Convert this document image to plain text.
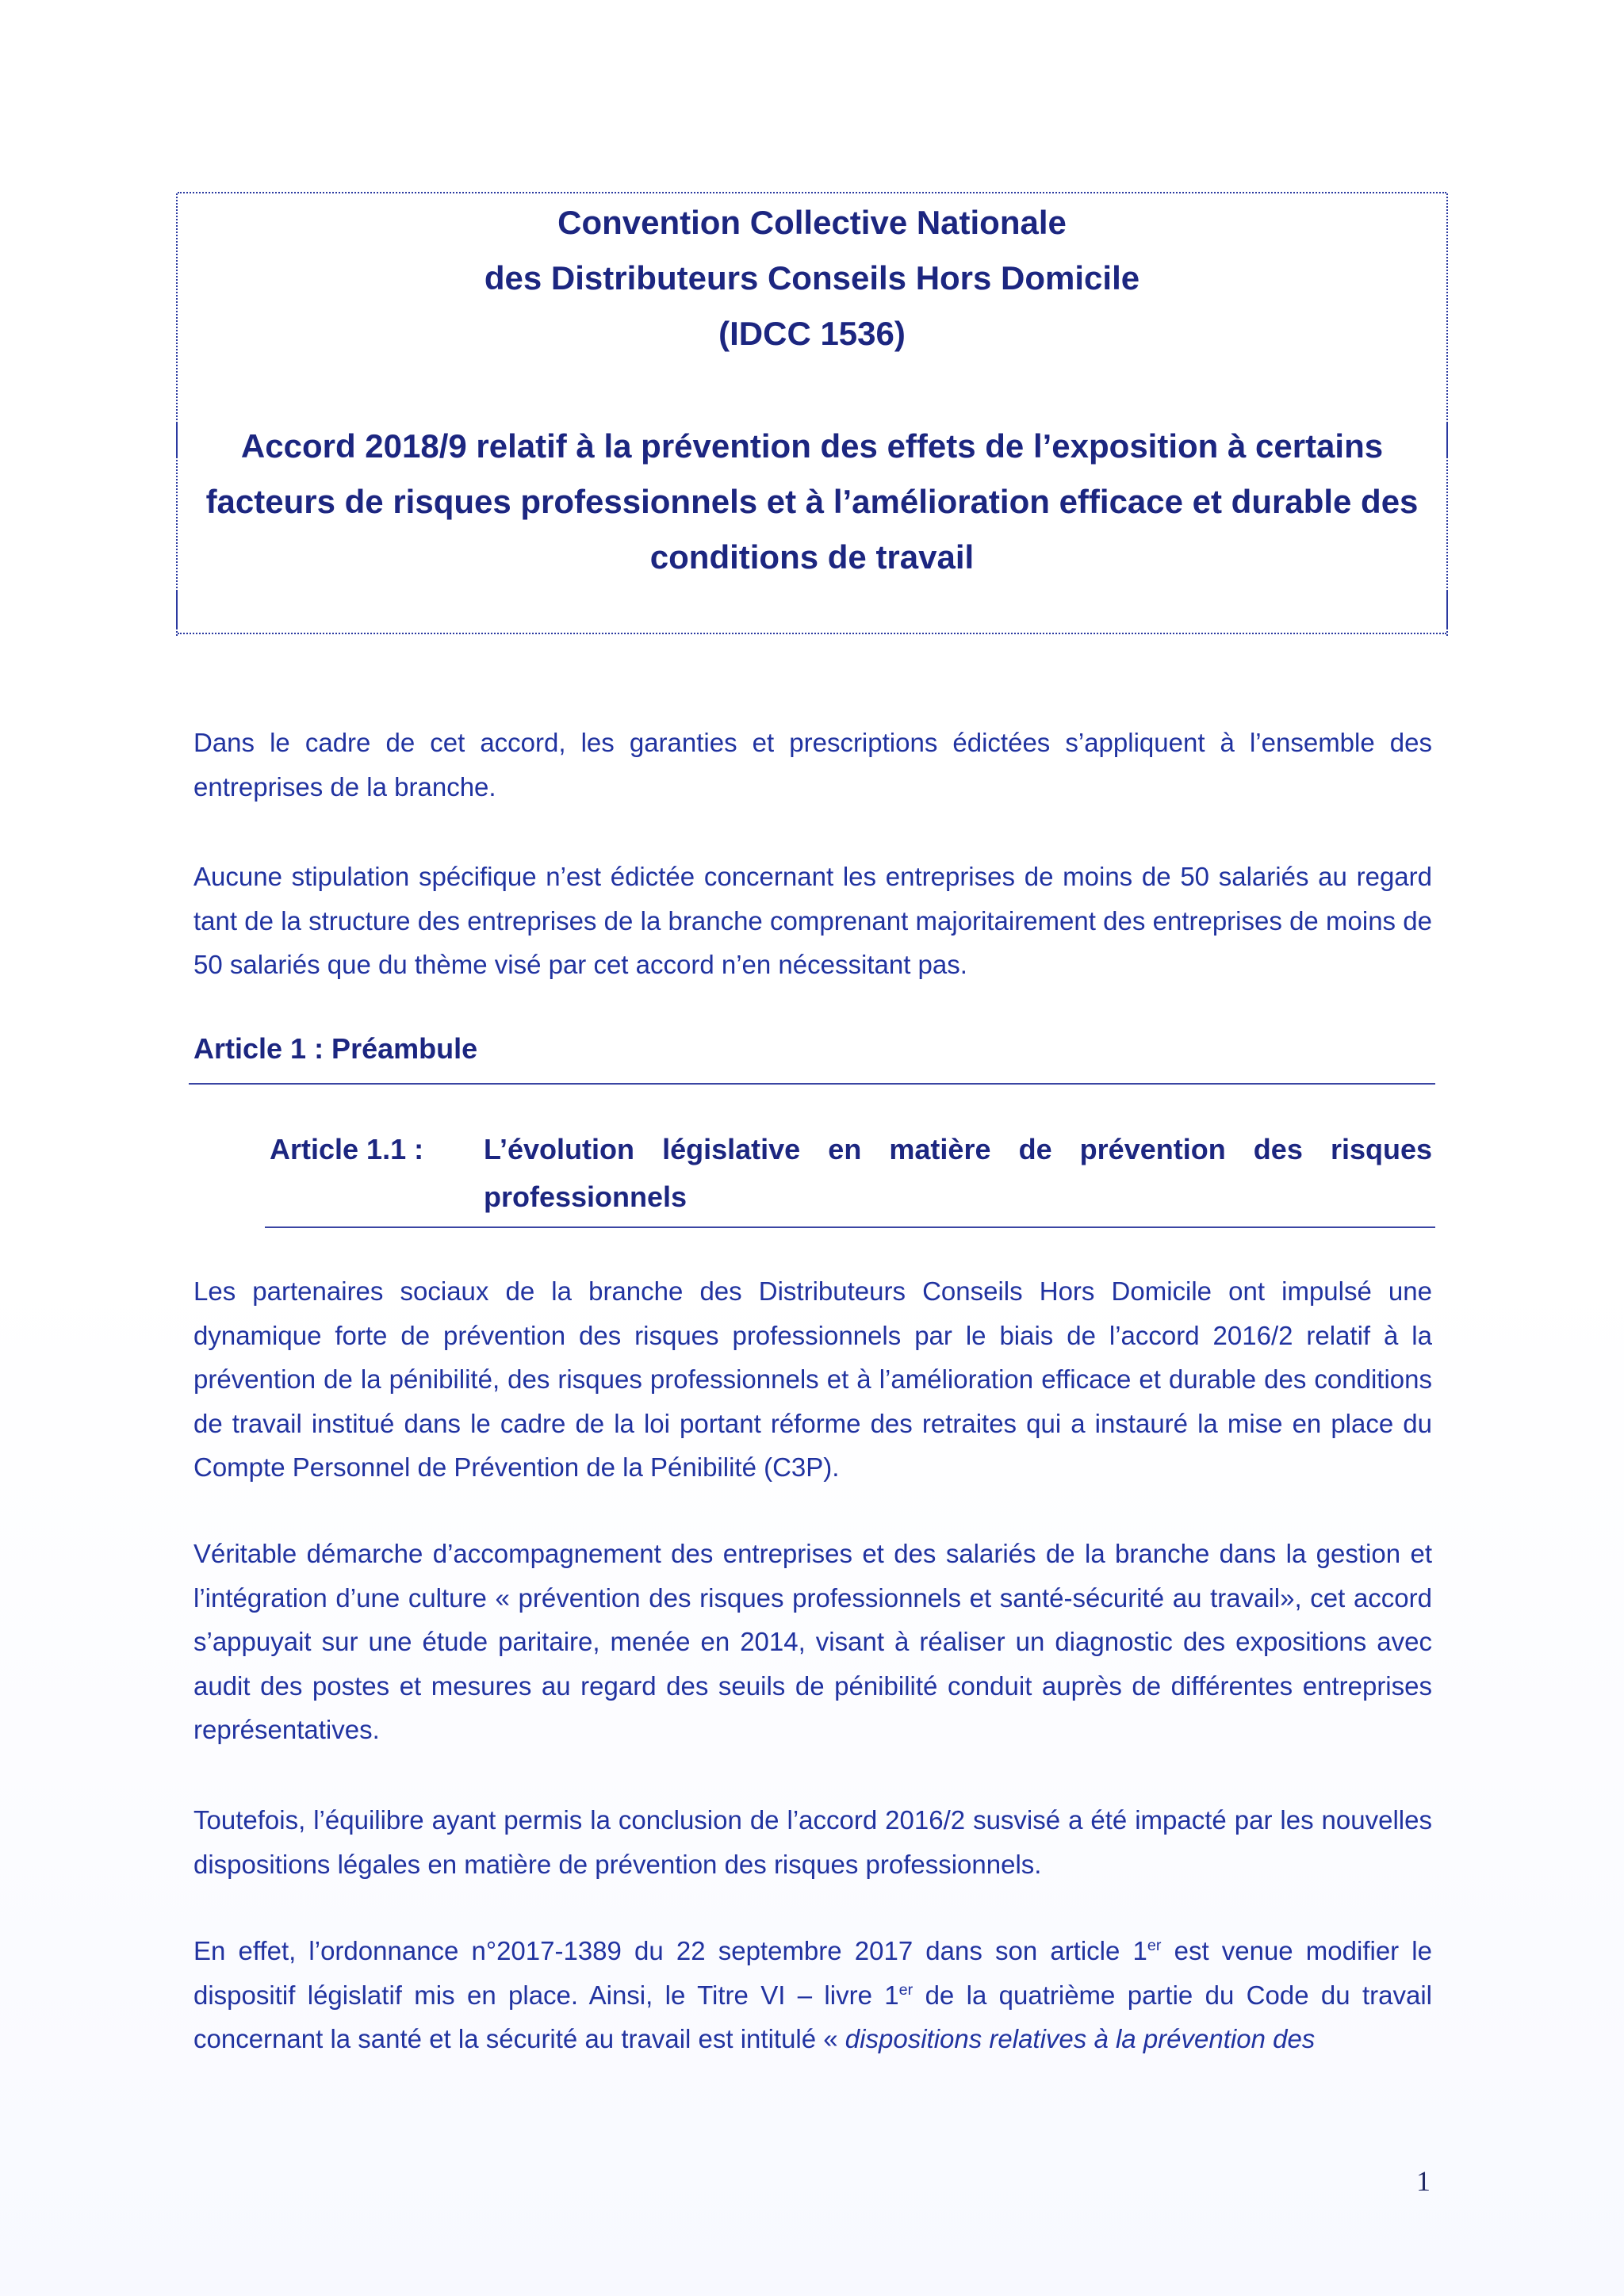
Convention Collective Nationale

des Distributeurs Conseils Hors Domicile

(IDCC 1536)

Accord 2018/9 relatif à la prévention des effets de l’exposition à certains

facteurs de risques professionnels et à l’amélioration efficace et durable des

conditions de travail

Dans le cadre de cet accord, les garanties et prescriptions édictées s’appliquent à l’ensemble des entreprises de la branche.

Aucune stipulation spécifique n’est édictée concernant les entreprises de moins de 50 salariés au regard tant de la structure des entreprises de la branche comprenant majoritairement des entreprises de moins de 50 salariés que du thème visé par cet accord n’en nécessitant pas.

Article 1 : Préambule

Article 1.1 : L’évolution législative en matière de prévention des risques
professionnels

Les partenaires sociaux de la branche des Distributeurs Conseils Hors Domicile ont impulsé une dynamique forte de prévention des risques professionnels par le biais de l’accord 2016/2 relatif à la prévention de la pénibilité, des risques professionnels et à l’amélioration efficace et durable des conditions de travail institué dans le cadre de la loi portant réforme des retraites qui a instauré la mise en place du Compte Personnel de Prévention de la Pénibilité (C3P).

Véritable démarche d’accompagnement des entreprises et des salariés de la branche dans la gestion et l’intégration d’une culture « prévention des risques professionnels et santé-sécurité au travail», cet accord s’appuyait sur une étude paritaire, menée en 2014, visant à réaliser un diagnostic des expositions avec audit des postes et mesures au regard des seuils de pénibilité conduit auprès de différentes entreprises représentatives.

Toutefois, l’équilibre ayant permis la conclusion de l’accord 2016/2 susvisé a été impacté par les nouvelles dispositions légales en matière de prévention des risques professionnels.

En effet, l’ordonnance n°2017-1389 du 22 septembre 2017 dans son article 1er est venue modifier le dispositif législatif mis en place. Ainsi, le Titre VI – livre 1er de la quatrième partie du Code du travail concernant la santé et la sécurité au travail est intitulé « dispositions relatives à la prévention des

1
